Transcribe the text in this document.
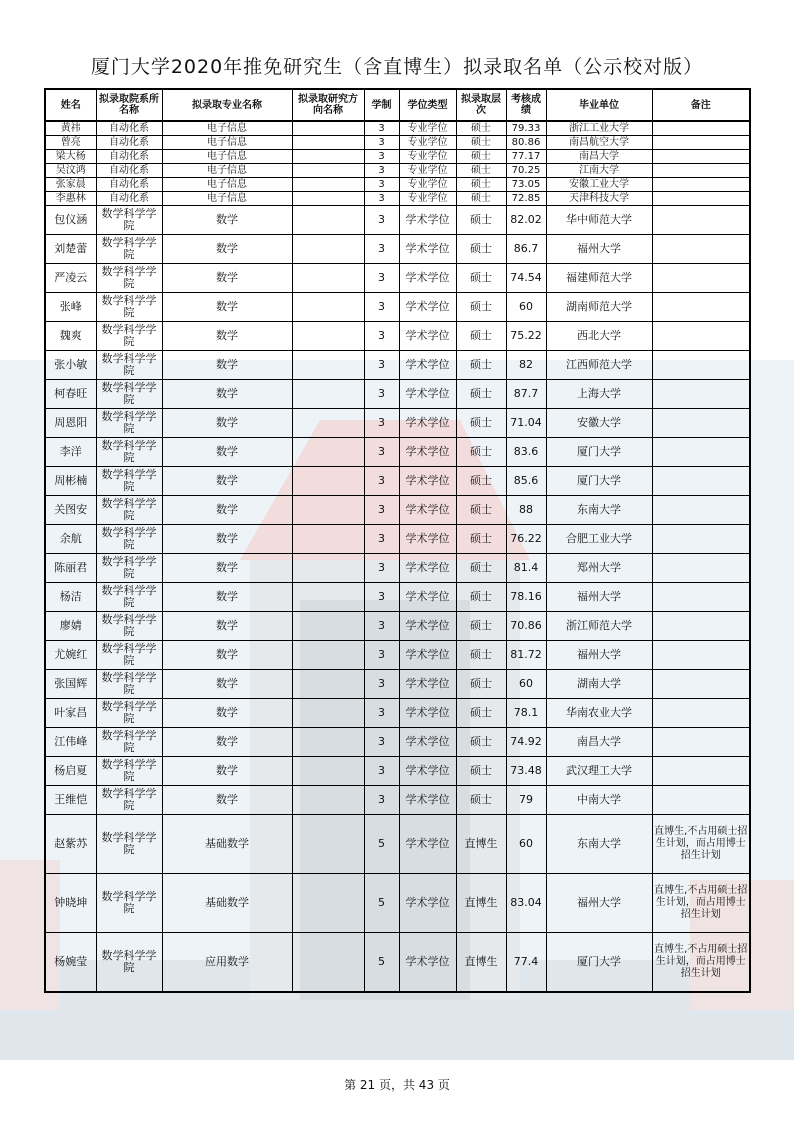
厦门大学2020年推免研究生（含直博生）拟录取名单（公示校对版）
姓名	拟录取院系所名称	拟录取专业名称	拟录取研究方向名称	学制	学位类型	拟录取层次	考核成绩	毕业单位	备注
黄祎	自动化系	电子信息		3	专业学位	硕士	79.33	浙江工业大学	
曾亮	自动化系	电子信息		3	专业学位	硕士	80.86	南昌航空大学	
梁大杨	自动化系	电子信息		3	专业学位	硕士	77.17	南昌大学	
吴汶鸿	自动化系	电子信息		3	专业学位	硕士	70.25	江南大学	
张家晨	自动化系	电子信息		3	专业学位	硕士	73.05	安徽工业大学	
李惠林	自动化系	电子信息		3	专业学位	硕士	72.85	天津科技大学	
包仪涵	数学科学学院	数学		3	学术学位	硕士	82.02	华中师范大学	
刘楚蕾	数学科学学院	数学		3	学术学位	硕士	86.7	福州大学	
严凌云	数学科学学院	数学		3	学术学位	硕士	74.54	福建师范大学	
张峰	数学科学学院	数学		3	学术学位	硕士	60	湖南师范大学	
魏爽	数学科学学院	数学		3	学术学位	硕士	75.22	西北大学	
张小敏	数学科学学院	数学		3	学术学位	硕士	82	江西师范大学	
柯春旺	数学科学学院	数学		3	学术学位	硕士	87.7	上海大学	
周恩阳	数学科学学院	数学		3	学术学位	硕士	71.04	安徽大学	
李洋	数学科学学院	数学		3	学术学位	硕士	83.6	厦门大学	
周彬楠	数学科学学院	数学		3	学术学位	硕士	85.6	厦门大学	
关图安	数学科学学院	数学		3	学术学位	硕士	88	东南大学	
余航	数学科学学院	数学		3	学术学位	硕士	76.22	合肥工业大学	
陈丽君	数学科学学院	数学		3	学术学位	硕士	81.4	郑州大学	
杨洁	数学科学学院	数学		3	学术学位	硕士	78.16	福州大学	
廖婧	数学科学学院	数学		3	学术学位	硕士	70.86	浙江师范大学	
尤婉红	数学科学学院	数学		3	学术学位	硕士	81.72	福州大学	
张国辉	数学科学学院	数学		3	学术学位	硕士	60	湖南大学	
叶家昌	数学科学学院	数学		3	学术学位	硕士	78.1	华南农业大学	
江伟峰	数学科学学院	数学		3	学术学位	硕士	74.92	南昌大学	
杨启夏	数学科学学院	数学		3	学术学位	硕士	73.48	武汉理工大学	
王维恺	数学科学学院	数学		3	学术学位	硕士	79	中南大学	
赵紫苏	数学科学学院	基础数学		5	学术学位	直博生	60	东南大学	直博生,不占用硕士招生计划，而占用博士招生计划
钟晓坤	数学科学学院	基础数学		5	学术学位	直博生	83.04	福州大学	直博生,不占用硕士招生计划，而占用博士招生计划
杨婉莹	数学科学学院	应用数学		5	学术学位	直博生	77.4	厦门大学	直博生,不占用硕士招生计划，而占用博士招生计划
第 21 页，共 43 页
